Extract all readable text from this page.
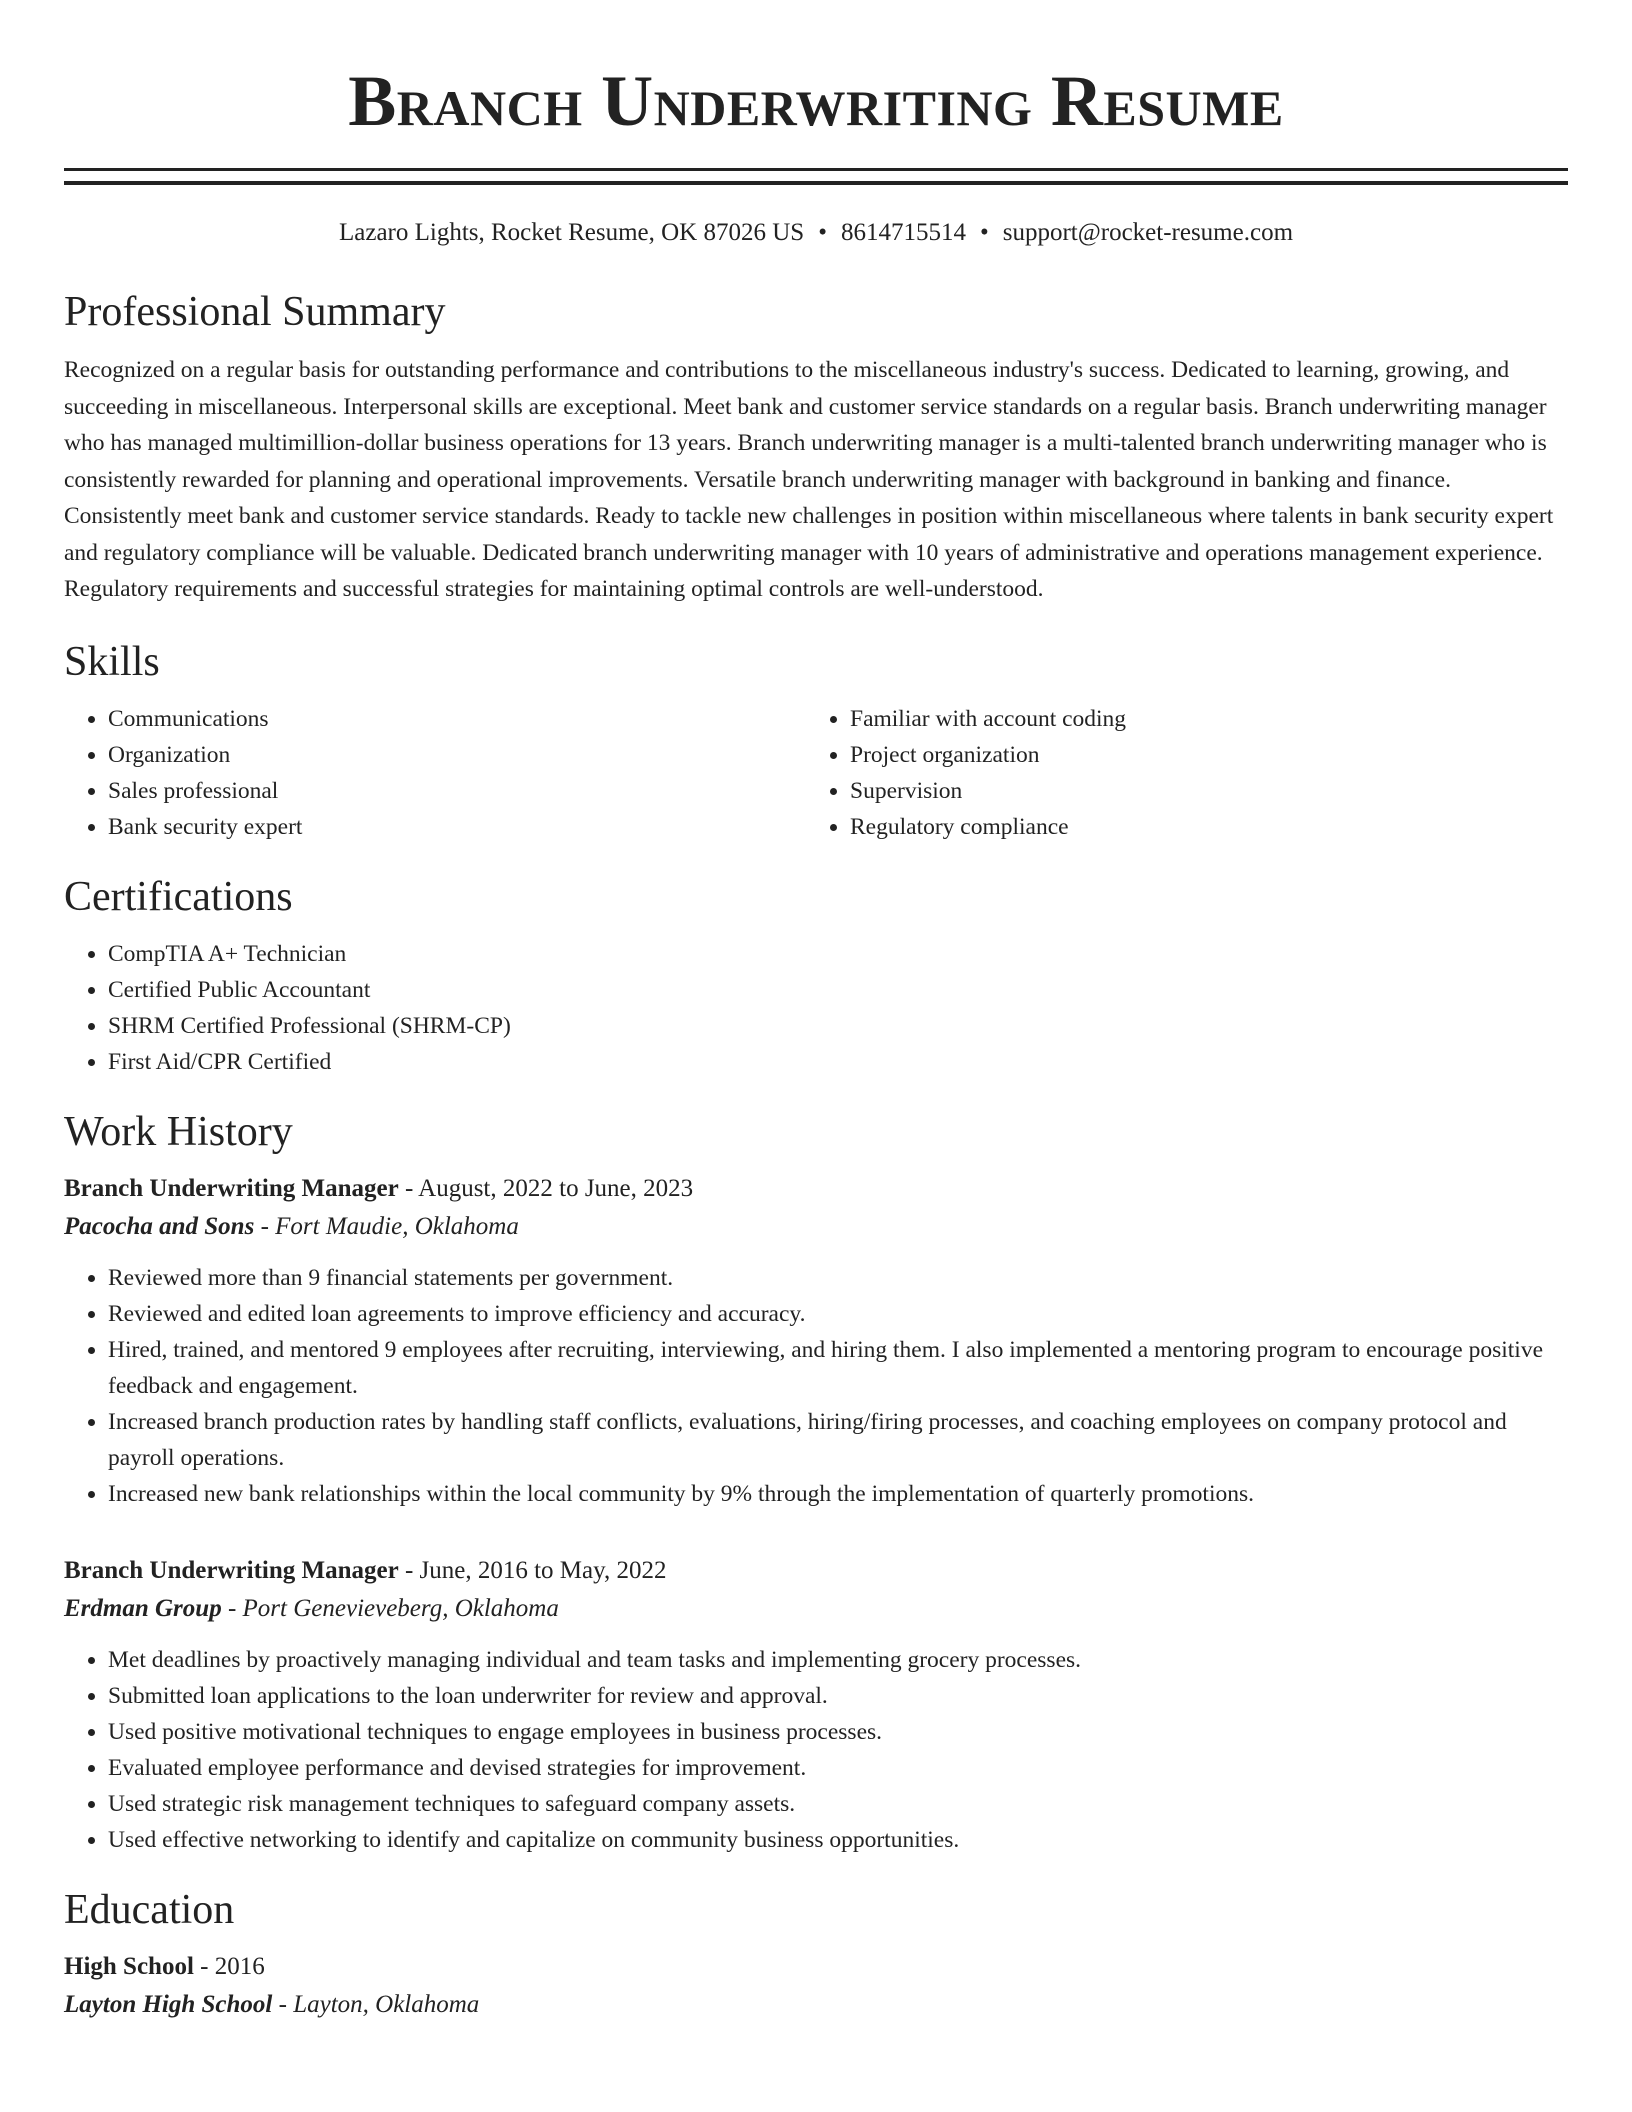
Branch Underwriting Resume
Lazaro Lights, Rocket Resume, OK 87026 US • 8614715514 • support@rocket-resume.com
Professional Summary

Recognized on a regular basis for outstanding performance and contributions to the miscellaneous industry's success. Dedicated to learning, growing, and succeeding in miscellaneous. Interpersonal skills are exceptional. Meet bank and customer service standards on a regular basis. Branch underwriting manager who has managed multimillion-dollar business operations for 13 years. Branch underwriting manager is a multi-talented branch underwriting manager who is consistently rewarded for planning and operational improvements. Versatile branch underwriting manager with background in banking and finance. Consistently meet bank and customer service standards. Ready to tackle new challenges in position within miscellaneous where talents in bank security expert and regulatory compliance will be valuable. Dedicated branch underwriting manager with 10 years of administrative and operations management experience. Regulatory requirements and successful strategies for maintaining optimal controls are well-understood.

Skills
• Communications
• Organization
• Sales professional
• Bank security expert
• Familiar with account coding
• Project organization
• Supervision
• Regulatory compliance
Certifications
• CompTIA A+ Technician
• Certified Public Accountant
• SHRM Certified Professional (SHRM-CP)
• First Aid/CPR Certified
Work History
Branch Underwriting Manager - August, 2022 to June, 2023
Pacocha and Sons - Fort Maudie, Oklahoma
• Reviewed more than 9 financial statements per government.
• Reviewed and edited loan agreements to improve efficiency and accuracy.
• Hired, trained, and mentored 9 employees after recruiting, interviewing, and hiring them. I also implemented a mentoring program to encourage positive feedback and engagement.
• Increased branch production rates by handling staff conflicts, evaluations, hiring/firing processes, and coaching employees on company protocol and payroll operations.
• Increased new bank relationships within the local community by 9% through the implementation of quarterly promotions.
Branch Underwriting Manager - June, 2016 to May, 2022
Erdman Group - Port Genevieveberg, Oklahoma
• Met deadlines by proactively managing individual and team tasks and implementing grocery processes.
• Submitted loan applications to the loan underwriter for review and approval.
• Used positive motivational techniques to engage employees in business processes.
• Evaluated employee performance and devised strategies for improvement.
• Used strategic risk management techniques to safeguard company assets.
• Used effective networking to identify and capitalize on community business opportunities.
Education
High School - 2016
Layton High School - Layton, Oklahoma
